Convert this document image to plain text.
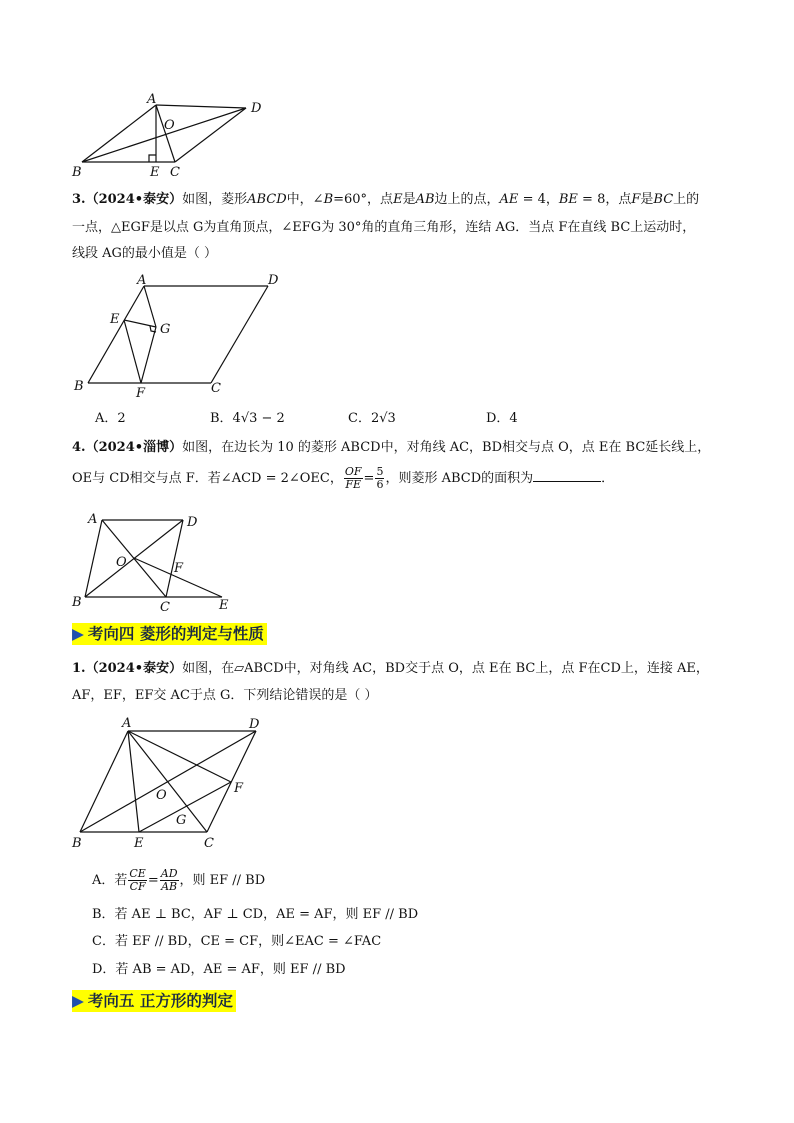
A
D
O
B	E C
3.（2024•泰安）如图，菱形ABCD中，∠B=60°，点E是AB边上的点，AE = 4，BE = 8，点F是BC上的
一点，△EGF是以点 G为直角顶点，∠EFG为 30°角的直角三角形，连结 AG．当点 F在直线 BC上运动时，
线段 AG的最小值是（ ）
A	D
E
G
B	F	C
A．2	B．4√3 − 2	C．2√3	D．4
4.（2024•淄博）如图，在边长为 10 的菱形 ABCD中，对角线 AC，BD相交与点 O，点 E在 BC延长线上，
OE与 CD相交与点 F．若∠ACD = 2∠OEC， $\frac{OF}{FE} = \frac{5}{6}$ ，则菱形 ABCD的面积为	．
A	D
O	F
B	C	E
▶ 考向四 菱形的判定与性质
1.（2024•泰安）如图，在▱ABCD中，对角线 AC，BD交于点 O，点 E在 BC上，点 F在CD上，连接 AE，
AF，EF，EF交 AC于点 G．下列结论错误的是（ ）
A	D
F
O
G
B	E	C
A．若 $\frac{CE}{CF} = \frac{AD}{AB}$ ，则 EF // BD
B．若 AE ⊥ BC，AF ⊥ CD，AE = AF，则 EF // BD
C．若 EF // BD，CE = CF，则∠EAC = ∠FAC
D．若 AB = AD，AE = AF，则 EF // BD
▶ 考向五 正方形的判定
